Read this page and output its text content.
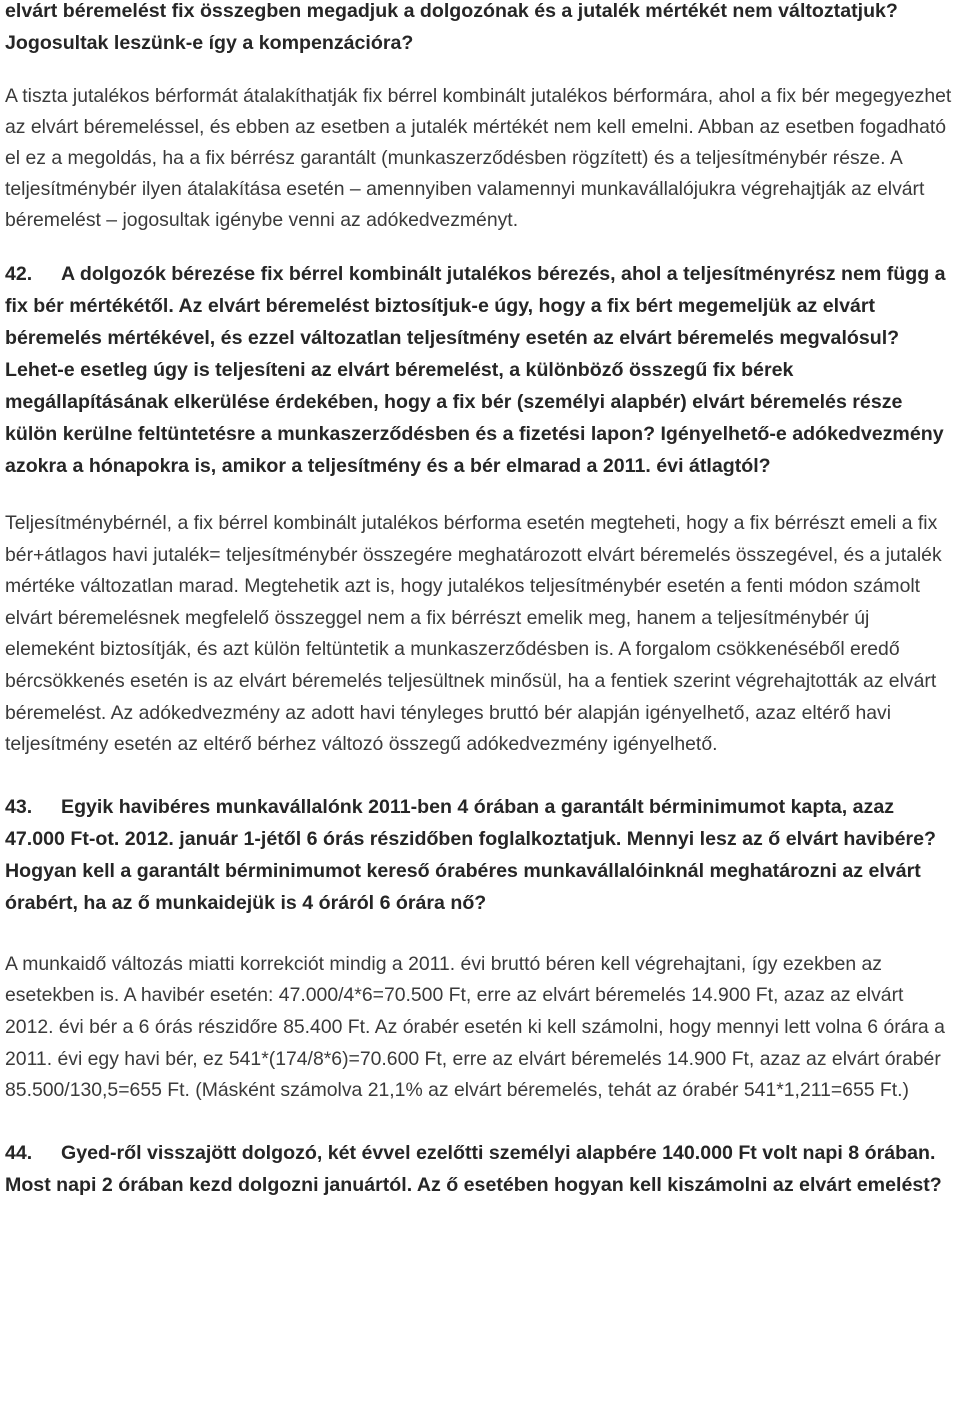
elvárt béremelést fix összegben megadjuk a dolgozónak és a jutalék mértékét nem változtatjuk? Jogosultak leszünk-e így a kompenzációra?

A tiszta jutalékos bérformát átalakíthatják fix bérrel kombinált jutalékos bérformára, ahol a fix bér megegyezhet az elvárt béremeléssel, és ebben az esetben a jutalék mértékét nem kell emelni. Abban az esetben fogadható el ez a megoldás, ha a fix bérrész garantált (munkaszerződésben rögzített) és a teljesítménybér része. A teljesítménybér ilyen átalakítása esetén – amennyiben valamennyi munkavállalójukra végrehajtják az elvárt béremelést – jogosultak igénybe venni az adókedvezményt.

42. A dolgozók bérezése fix bérrel kombinált jutalékos bérezés, ahol a teljesítményrész nem függ a fix bér mértékétől. Az elvárt béremelést biztosítjuk-e úgy, hogy a fix bért megemeljük az elvárt béremelés mértékével, és ezzel változatlan teljesítmény esetén az elvárt béremelés megvalósul? Lehet-e esetleg úgy is teljesíteni az elvárt béremelést, a különböző összegű fix bérek megállapításának elkerülése érdekében, hogy a fix bér (személyi alapbér) elvárt béremelés része külön kerülne feltüntetésre a munkaszerződésben és a fizetési lapon? Igényelhető-e adókedvezmény azokra a hónapokra is, amikor a teljesítmény és a bér elmarad a 2011. évi átlagtól?

Teljesítménybérnél, a fix bérrel kombinált jutalékos bérforma esetén megteheti, hogy a fix bérrészt emeli a fix bér+átlagos havi jutalék= teljesítménybér összegére meghatározott elvárt béremelés összegével, és a jutalék mértéke változatlan marad. Megtehetik azt is, hogy jutalékos teljesítménybér esetén a fenti módon számolt elvárt béremelésnek megfelelő összeggel nem a fix bérrészt emelik meg, hanem a teljesítménybér új elemeként biztosítják, és azt külön feltüntetik a munkaszerződésben is. A forgalom csökkenéséből eredő bércsökkenés esetén is az elvárt béremelés teljesültnek minősül, ha a fentiek szerint végrehajtották az elvárt béremelést. Az adókedvezmény az adott havi tényleges bruttó bér alapján igényelhető, azaz eltérő havi teljesítmény esetén az eltérő bérhez változó összegű adókedvezmény igényelhető.

43. Egyik havibéres munkavállalónk 2011-ben 4 órában a garantált bérminimumot kapta, azaz 47.000 Ft-ot. 2012. január 1-jétől 6 órás részidőben foglalkoztatjuk. Mennyi lesz az ő elvárt havibére? Hogyan kell a garantált bérminimumot kereső órabéres munkavállalóinknál meghatározni az elvárt órabért, ha az ő munkaidejük is 4 óráról 6 órára nő?

A munkaidő változás miatti korrekciót mindig a 2011. évi bruttó béren kell végrehajtani, így ezekben az esetekben is. A havibér esetén: 47.000/4*6=70.500 Ft, erre az elvárt béremelés 14.900 Ft, azaz az elvárt 2012. évi bér a 6 órás részidőre 85.400 Ft. Az órabér esetén ki kell számolni, hogy mennyi lett volna 6 órára a 2011. évi egy havi bér, ez 541*(174/8*6)=70.600 Ft, erre az elvárt béremelés 14.900 Ft, azaz az elvárt órabér 85.500/130,5=655 Ft. (Másként számolva 21,1% az elvárt béremelés, tehát az órabér 541*1,211=655 Ft.)

44. Gyed-ről visszajött dolgozó, két évvel ezelőtti személyi alapbére 140.000 Ft volt napi 8 órában. Most napi 2 órában kezd dolgozni januártól. Az ő esetében hogyan kell kiszámolni az elvárt emelést?
